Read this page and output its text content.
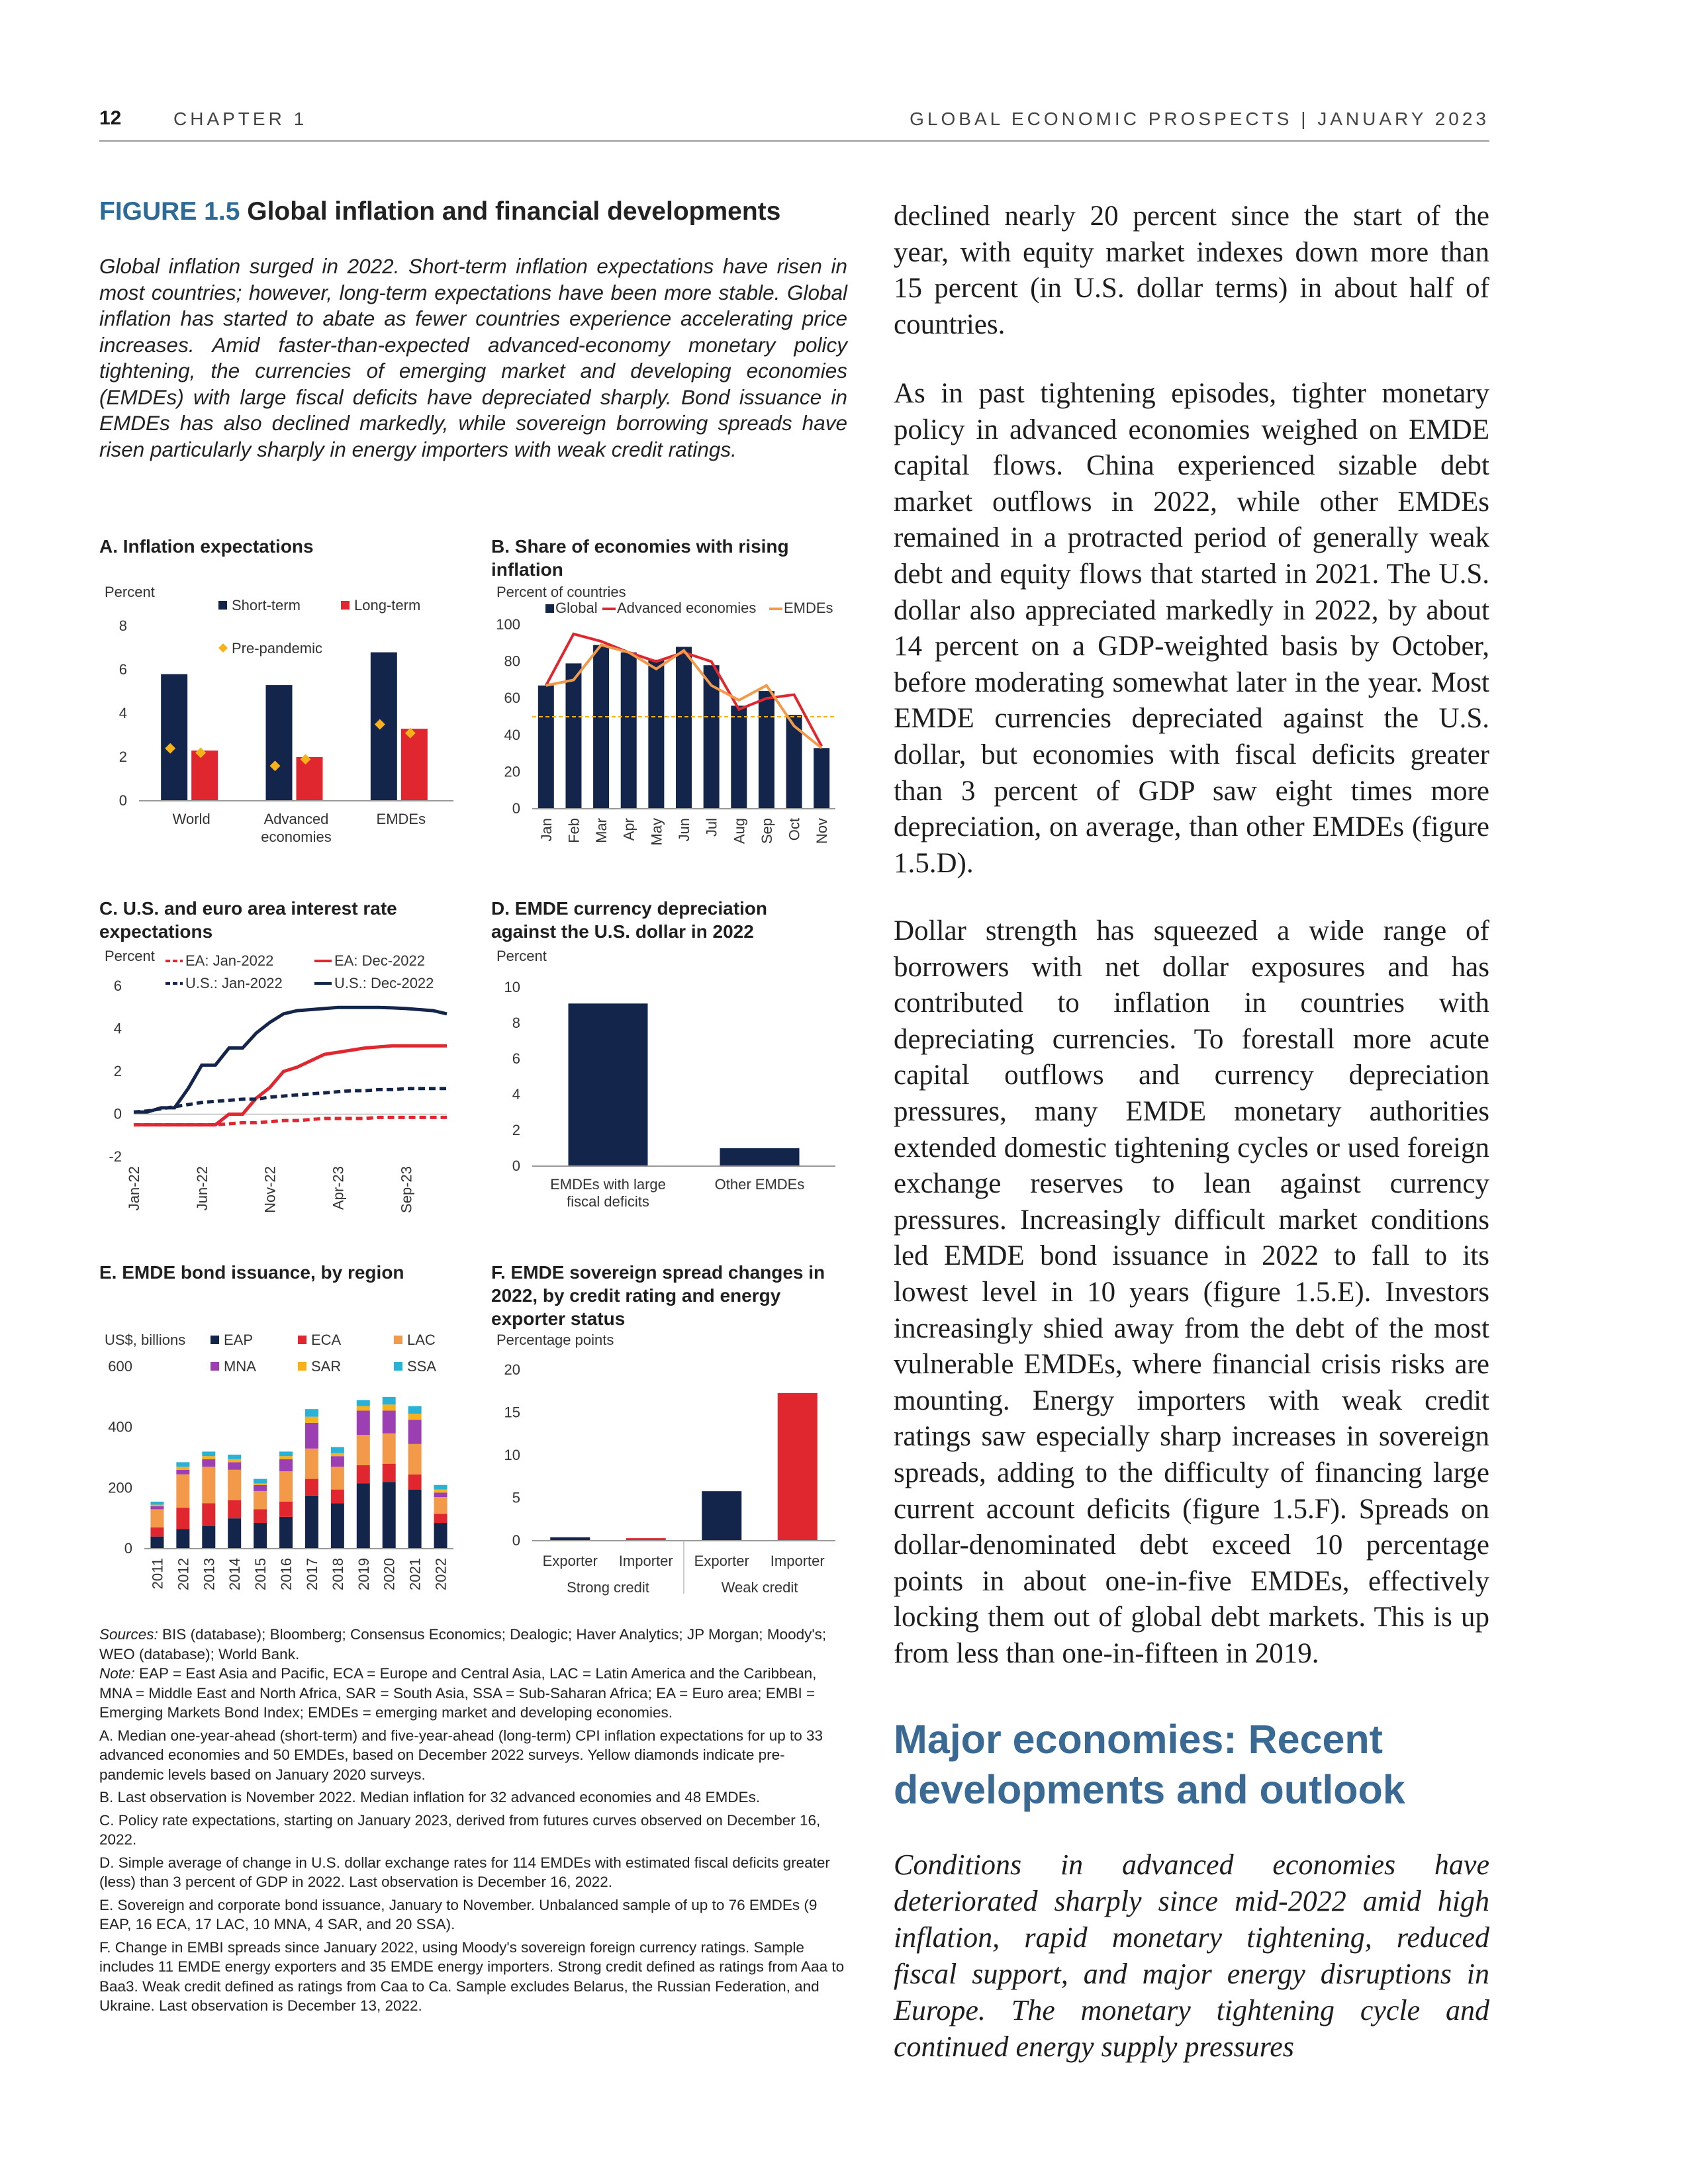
12	CHAPTER 1	GLOBAL ECONOMIC PROSPECTS | JANUARY 2023
FIGURE 1.5 Global inflation and financial developments
Global inflation surged in 2022. Short-term inflation expectations have risen in most countries; however, long-term expectations have been more stable. Global inflation has started to abate as fewer countries experience accelerating price increases. Amid faster-than-expected advanced-economy monetary policy tightening, the currencies of emerging market and developing economies (EMDEs) with large fiscal deficits have depreciated sharply. Bond issuance in EMDEs has also declined markedly, while sovereign borrowing spreads have risen particularly sharply in energy importers with weak credit ratings.
A. Inflation expectations	B. Share of economies with rising
inflation
C. U.S. and euro area interest rate
expectations
D. EMDE currency depreciation
against the U.S. dollar in 2022
E. EMDE bond issuance, by region	F. EMDE sovereign spread changes in
2022, by credit rating and energy
exporter status
0
2
4
6
8
Percent
World	Advanced
economies
EMDEs
Short-term	Long-term
Pre-pandemic
0
20
40
60
80
100
Percent of countries
Jan Feb Mar Apr May Jun Jul Aug Sep Oct Nov
Global Advanced economies EMDEs
-2
0
2
4
6
Percent
Jan-22	Jun-22	Nov-22	Apr-23	Sep-23
EA: Jan-2022	EA: Dec-2022
U.S.: Jan-2022	U.S.: Dec-2022
0
2
4
6
8
10
Percent
EMDEs with large
fiscal deficits
Other EMDEs
0
200
400
600
US$, billions
2011 2012 2013 2014 2015 2016 2017 2018 2019 2020 2021 2022
EAP	ECA	LAC
MNA	SAR	SSA
0
5
10
15
20
Percentage points
Exporter Importer Exporter Importer
Strong credit	Weak credit

Sources: BIS (database); Bloomberg; Consensus Economics; Dealogic; Haver Analytics; JP Morgan; Moody's; WEO (database); World Bank.

Note: EAP = East Asia and Pacific, ECA = Europe and Central Asia, LAC = Latin America and the Caribbean, MNA = Middle East and North Africa, SAR = South Asia, SSA = Sub-Saharan Africa; EA = Euro area; EMBI = Emerging Markets Bond Index; EMDEs = emerging market and developing economies.

A. Median one-year-ahead (short-term) and five-year-ahead (long-term) CPI inflation expectations for up to 33 advanced economies and 50 EMDEs, based on December 2022 surveys. Yellow diamonds indicate pre-pandemic levels based on January 2020 surveys.

B. Last observation is November 2022. Median inflation for 32 advanced economies and 48 EMDEs.

C. Policy rate expectations, starting on January 2023, derived from futures curves observed on December 16, 2022.

D. Simple average of change in U.S. dollar exchange rates for 114 EMDEs with estimated fiscal deficits greater (less) than 3 percent of GDP in 2022. Last observation is December 16, 2022.

E. Sovereign and corporate bond issuance, January to November. Unbalanced sample of up to 76 EMDEs (9 EAP, 16 ECA, 17 LAC, 10 MNA, 4 SAR, and 20 SSA).

F. Change in EMBI spreads since January 2022, using Moody's sovereign foreign currency ratings. Sample includes 11 EMDE energy exporters and 35 EMDE energy importers. Strong credit defined as ratings from Aaa to Baa3. Weak credit defined as ratings from Caa to Ca. Sample excludes Belarus, the Russian Federation, and Ukraine. Last observation is December 13, 2022.

declined nearly 20 percent since the start of the year, with equity market indexes down more than 15 percent (in U.S. dollar terms) in about half of countries.
As in past tightening episodes, tighter monetary policy in advanced economies weighed on EMDE capital flows. China experienced sizable debt market outflows in 2022, while other EMDEs remained in a protracted period of generally weak debt and equity flows that started in 2021. The U.S. dollar also appreciated markedly in 2022, by about 14 percent on a GDP-weighted basis by October, before moderating somewhat later in the year. Most EMDE currencies depreciated against the U.S. dollar, but economies with fiscal deficits greater than 3 percent of GDP saw eight times more depreciation, on average, than other EMDEs (figure 1.5.D).
Dollar strength has squeezed a wide range of borrowers with net dollar exposures and has contributed to inflation in countries with depreciating currencies. To forestall more acute capital outflows and currency depreciation pressures, many EMDE monetary authorities extended domestic tightening cycles or used foreign exchange reserves to lean against currency pressures. Increasingly difficult market conditions led EMDE bond issuance in 2022 to fall to its lowest level in 10 years (figure 1.5.E). Investors increasingly shied away from the debt of the most vulnerable EMDEs, where financial crisis risks are mounting. Energy importers with weak credit ratings saw especially sharp increases in sovereign spreads, adding to the difficulty of financing large current account deficits (figure 1.5.F). Spreads on dollar-denominated debt exceed 10 percentage points in about one-in-five EMDEs, effectively locking them out of global debt markets. This is up from less than one-in-fifteen in 2019.
Major economies: Recent developments and outlook
Conditions in advanced economies have deteriorated sharply since mid-2022 amid high inflation, rapid monetary tightening, reduced fiscal support, and major energy disruptions in Europe. The monetary tightening cycle and continued energy supply pressures
